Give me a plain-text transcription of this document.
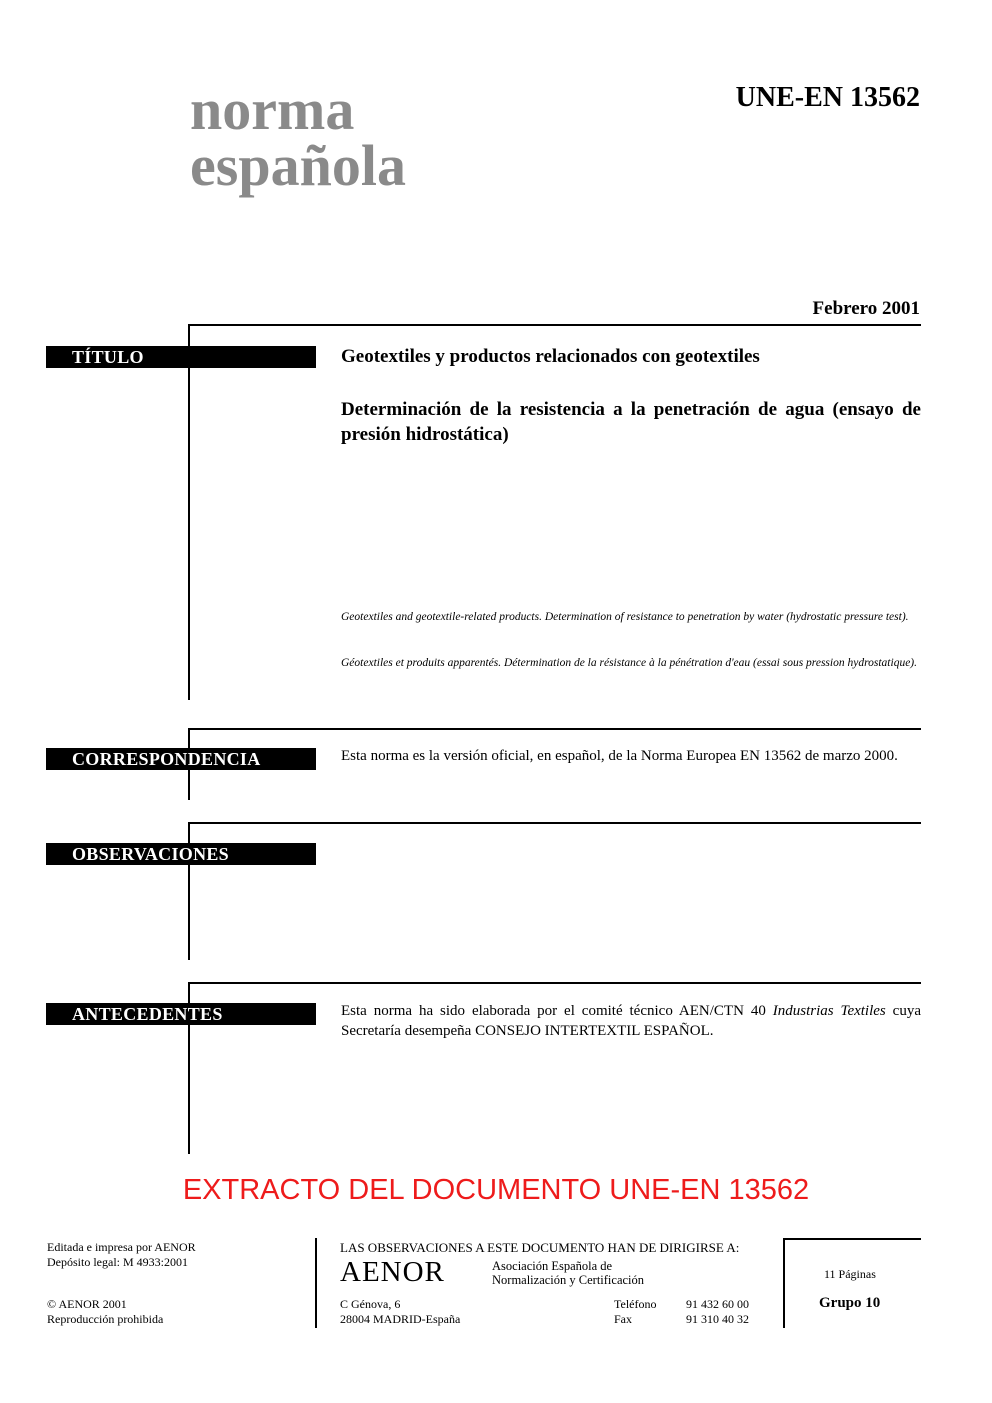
norma
española
UNE-EN 13562
Febrero 2001
TÍTULO	Geotextiles y productos relacionados con geotextiles
Determinación de la resistencia a la penetración de agua (ensayo de presión hidrostática)
Geotextiles and geotextile-related products. Determination of resistance to penetration by water (hydrostatic pressure test).
Géotextiles et produits apparentés. Détermination de la résistance à la pénétration d'eau (essai sous pression hydrostatique).
CORRESPONDENCIA	Esta norma es la versión oficial, en español, de la Norma Europea EN 13562 de marzo 2000.
OBSERVACIONES
ANTECEDENTES	Esta norma ha sido elaborada por el comité técnico AEN/CTN 40 Industrias Textiles cuya Secretaría desempeña CONSEJO INTERTEXTIL ESPAÑOL.
EXTRACTO DEL DOCUMENTO UNE-EN 13562
Editada e impresa por AENOR
Depósito legal: M 4933:2001
© AENOR 2001
Reproducción prohibida
LAS OBSERVACIONES A ESTE DOCUMENTO HAN DE DIRIGIRSE A:
AENOR	Asociación Española de
Normalización y Certificación
C Génova, 6
28004 MADRID-España
Teléfono 91 432 60 00
Fax	91 310 40 32
11 Páginas
Grupo 10
